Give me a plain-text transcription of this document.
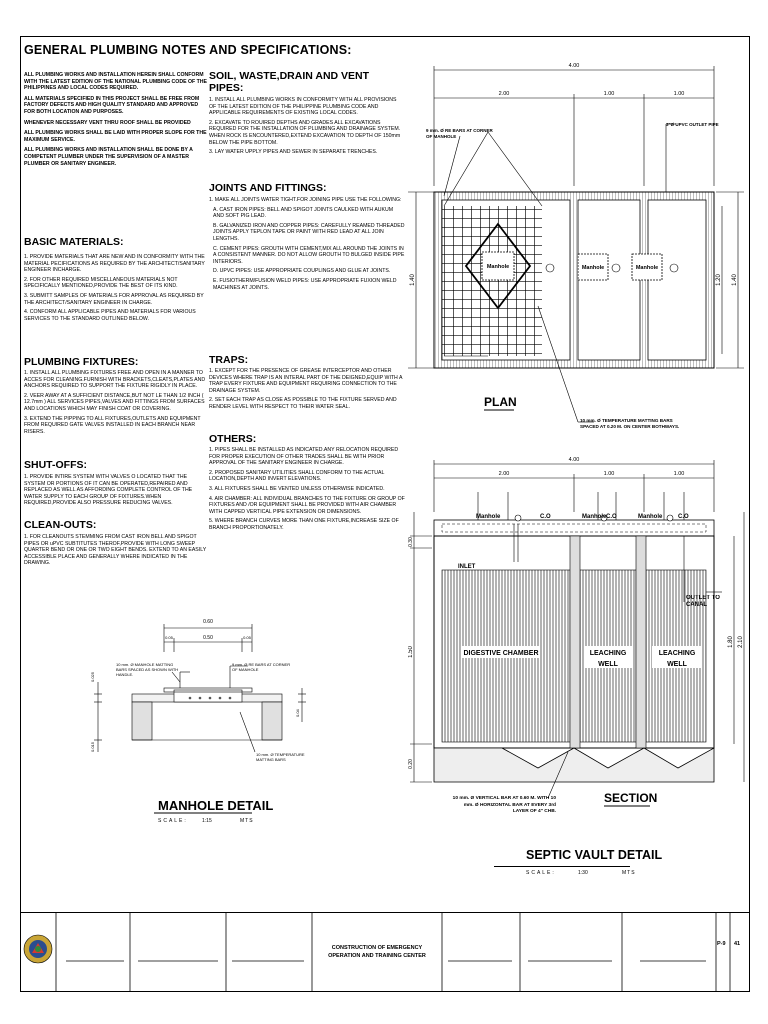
GENERAL PLUMBING NOTES AND SPECIFICATIONS:

ALL PLUMBING WORKS AND INSTALLATION HEREIN SHALL CONFORM WITH THE LATEST EDITION OF THE NATIONAL PLUMBING CODE OF THE PHILIPPINES AND LOCAL CODES REQUIRED.

ALL MATERIALS SPECIFIED IN THIS PROJECT SHALL BE FREE FROM FACTORY DEFECTS AND HIGH QUALITY STANDARD AND APPROVED FOR BOTH LOCATION AND PURPOSES.

WHENEVER NECESSARY VENT THRU ROOF SHALL BE PROVIDED

ALL PLUMBING WORKS SHALL BE LAID WITH PROPER SLOPE FOR THE MAXIMUM SERVICE.

ALL PLUMBING WORKS AND INSTALLATION SHALL BE DONE BY A COMPETENT PLUMBER UNDER THE SUPERVISION OF A MASTER PLUMBER OR SANITARY ENGINEER.

BASIC MATERIALS:

1. PROVIDE MATERIALS THAT ARE NEW AND IN CONFORMITY WITH THE MATERIAL PECIFICATIONS AS REQUIRED BY THE ARCHITECT/SANITARY ENGINEER INCHARGE.

2. FOR OTHER REQUIRED MISCELLANEOUS MATERIALS NOT SPECIFICALLY MENTIONED,PROVIDE THE BEST OF ITS KIND.

3. SUBMITT SAMPLES OF MATERIALS FOR APPROVAL AS REQUIRED BY THE ARCHITECT/SANITARY ENGINEER IN CHARGE.

4. CONFORM ALL APPLICABLE PIPES AND MATERIALS FOR VARIOUS SERVICES TO THE STANDARD OUTLINED BELOW.

PLUMBING FIXTURES:

1. INSTALL ALL PLUMBING FIXTURES FREE AND OPEN IN A MANNER TO ACCES FOR CLEANING.FURNISH WITH BRACKETS,CLEATS,PLATES AND ANCHORS REQUIRED TO SUPPORT THE FIXTURE RIGIDLY IN PLACE.

2. VEER AWAY AT A SUFFICIENT DISTANCE,BUT NOT LE THAN 1/2 INCH ( 12.7mm ) ALL SERVICES PIPES,VALVES AND FITTINGS FROM SURFACES AND LOCATIONS WHICH MAY FINISH COAT OR COVERING.

3. EXTEND THE PIPPING TO ALL FIXTURES,OUTLETS AND EQUIPMENT FROM REQUIRED GATE VALVES INSTALLED IN EACH BRANCH NEAR RISERS.

SHUT-OFFS:

1. PROVIDE INTIRE SYSTEM WITH VALVES O LOCATED THAT THE SYSTEM OR PORTIONS OF IT CAN BE OPERATED,REPAIRED AND REPLACED AS WELL AS AFFORDING COMPLETE CONTROL OF THE WATER SUPPLY TO EACH GROUP OF FIXTURES.WHEN REQUIRED,PROVIDE ALSO PRESSURE REDUCING VALVES.

CLEAN-OUTS:

1. FOR CLEANOUTS STEMMING FROM CAST IRON BELL AND SPIGOT PIPES OR uPVC SUBTITUTES THEROF,PROVIDE WITH LONG SWEEP QUARTER BEND OR ONE OR TWO EIGHT BENDS. EXTEND TO AN EASILY ACCESSIBLE PLACE AND GENERALLY WHERE INDICATED IN THE DRAWING.

SOIL, WASTE,DRAIN AND VENT PIPES:

1. INSTALL ALL PLUMBING WORKS IN CONFORMITY WITH ALL PROVISIONS OF THE LATEST EDITION OF THE PHILIPPINE PLUMBING CODE AND APPLICABLE REQUIREMENTS OF EXISTING LOCAL CODES.

2. EXCAVATE TO ROUIRED DEPTHS AND GRADES ALL EXCAVATIONS REQUIRED FOR THE INSTALLATION OF PLUMBING AND DRAINAGE SYSTEM. WHEN ROCK IS ENCOUNTERED,EXTEND EXCAVATION TO DEPTH OF 150mm BELOW THE PIPE BOTTOM.

3. LAY WATER UPPLY PIPES AND SEWER IN SEPARATE TRENCHES.

JOINTS AND FITTINGS:

1. MAKE ALL JOINTS WATER TIGHT.FOR JOINING PIPE USE THE FOLLOWING:

A. CAST IRON PIPES: BELL AND SPIGOT JOINTS CAULKED WITH AUKUM AND SOFT PIG LEAD.

B. GALVANIZED IRON AND COPPER PIPES: CAREFULLY REAMED THREADED JOINTS APPLY TEPLON TAPE OR PAINT WITH RED LEAD AT ALL JOIN LENGTHS.

C. CEMENT PIPES: GROUTH WITH CEMENT,MIX ALL AROUND THE JOINTS IN A CONSISTENT MANNER. DO NOT ALLOW GROUTH TO BULGED INSIDE PIPE INTERIORS.

D. UPVC PIPES: USE APPROPRIATE COUPLINGS AND GLUE AT JOINTS.

E. FUSIOTHERM/FUSION WELD PIPES: USE APPROPRIATE FUXION WELD MACHINES AT JOINTS.

TRAPS:

1. EXCEPT FOR THE PRESENCE OF GREASE INTERCEPTOR AND OTHER DEVICES WHERE TRAP IS AN INTERAL PART OF THE DEIGNED,EQUIP WITH A TRAP EVERY FIXTURE AND EQUIPMENT REQUIRING CONNECTION TO THE DRAINAGE SYSTEM.

2. SET EACH TRAP AS CLOSE AS POSSIBLE TO THE FIXTURE SERVED AND RENDER LEVEL WITH RESPECT TO THEIR WATER SEAL.

OTHERS:

1. PIPES SHALL BE INSTALLED AS INDICATED.ANY RELOCATION REQUIRED FOR PROPER EXECUTION OF OTHER TRADES SHALL BE WITH PRIOR APPROVAL OF THE SANITARY ENGINEER IN CHARGE.

2. PROPOSED SANITARY UTILITIES SHALL CONFORM TO THE ACTUAL LOCATION,DEPTH AND INVERT ELEVATIONS.

3. ALL FIXTURES SHALL BE VENTED UNLESS OTHERWISE INDICATED.

4. AIR CHAMBER: ALL INDIVIDUAL BRANCHES TO THE FIXTURE OR GROUP OF FIXTURES AND /OR EQUIPMENT SHALL BE PROVIDED WITH AIR CHAMBER WITH CAPPED VERTICAL PIPE EXTENSION OR DIMENSIONS.

5. WHERE BRANCH CURVES MORE THAN ONE FIXTURE,INCREASE SIZE OF BRANCH PROPORTIONATELY.

0.60
0.50
0.05	0.05
0.025
0.015
0.04
10 mm. Ø MANHOLE MATTING BARS SPACED AS SHOWN WITH HANDLE.
9 mm. Ø RE BARS AT CORNER OF MANHOLE
10 mm. Ø TEMPERATURE MATTING BARS
MANHOLE DETAIL
SCALE:	1:15	MTS
4.00
2.00	1.00	1.00
1.40	1.20 1.40
Manhole	Manhole	Manhole
9 mm. Ø RE BARS AT CORNER OF MANHOLE
3"Ø UPVC OUTLET PIPE
PLAN
10 mm. Ø TEMPERATURE MATTING BARS SPACED AT 0.20 M. ON CENTER BOTHWAYS.
4.00
2.00	1.00	1.00
0.30
1.50
0.20
1.80 2.10
Manhole	C.O	Manhole C.O	Manhole	C.O
INLET
OUTLET TO CANAL
DIGESTIVE CHAMBER	LEACHING
WELL
LEACHING
WELL
SECTION
10 mm. Ø VERTICAL BAR AT 0.60 M. WITH 10 mm. Ø HORIZONTAL BAR AT EVERY 3rd LAYER OF 4" CHB.
SEPTIC VAULT DETAIL
SCALE:	1:30	MTS
CONSTRUCTION OF EMERGENCY OPERATION AND TRAINING CENTER
P-9 41
